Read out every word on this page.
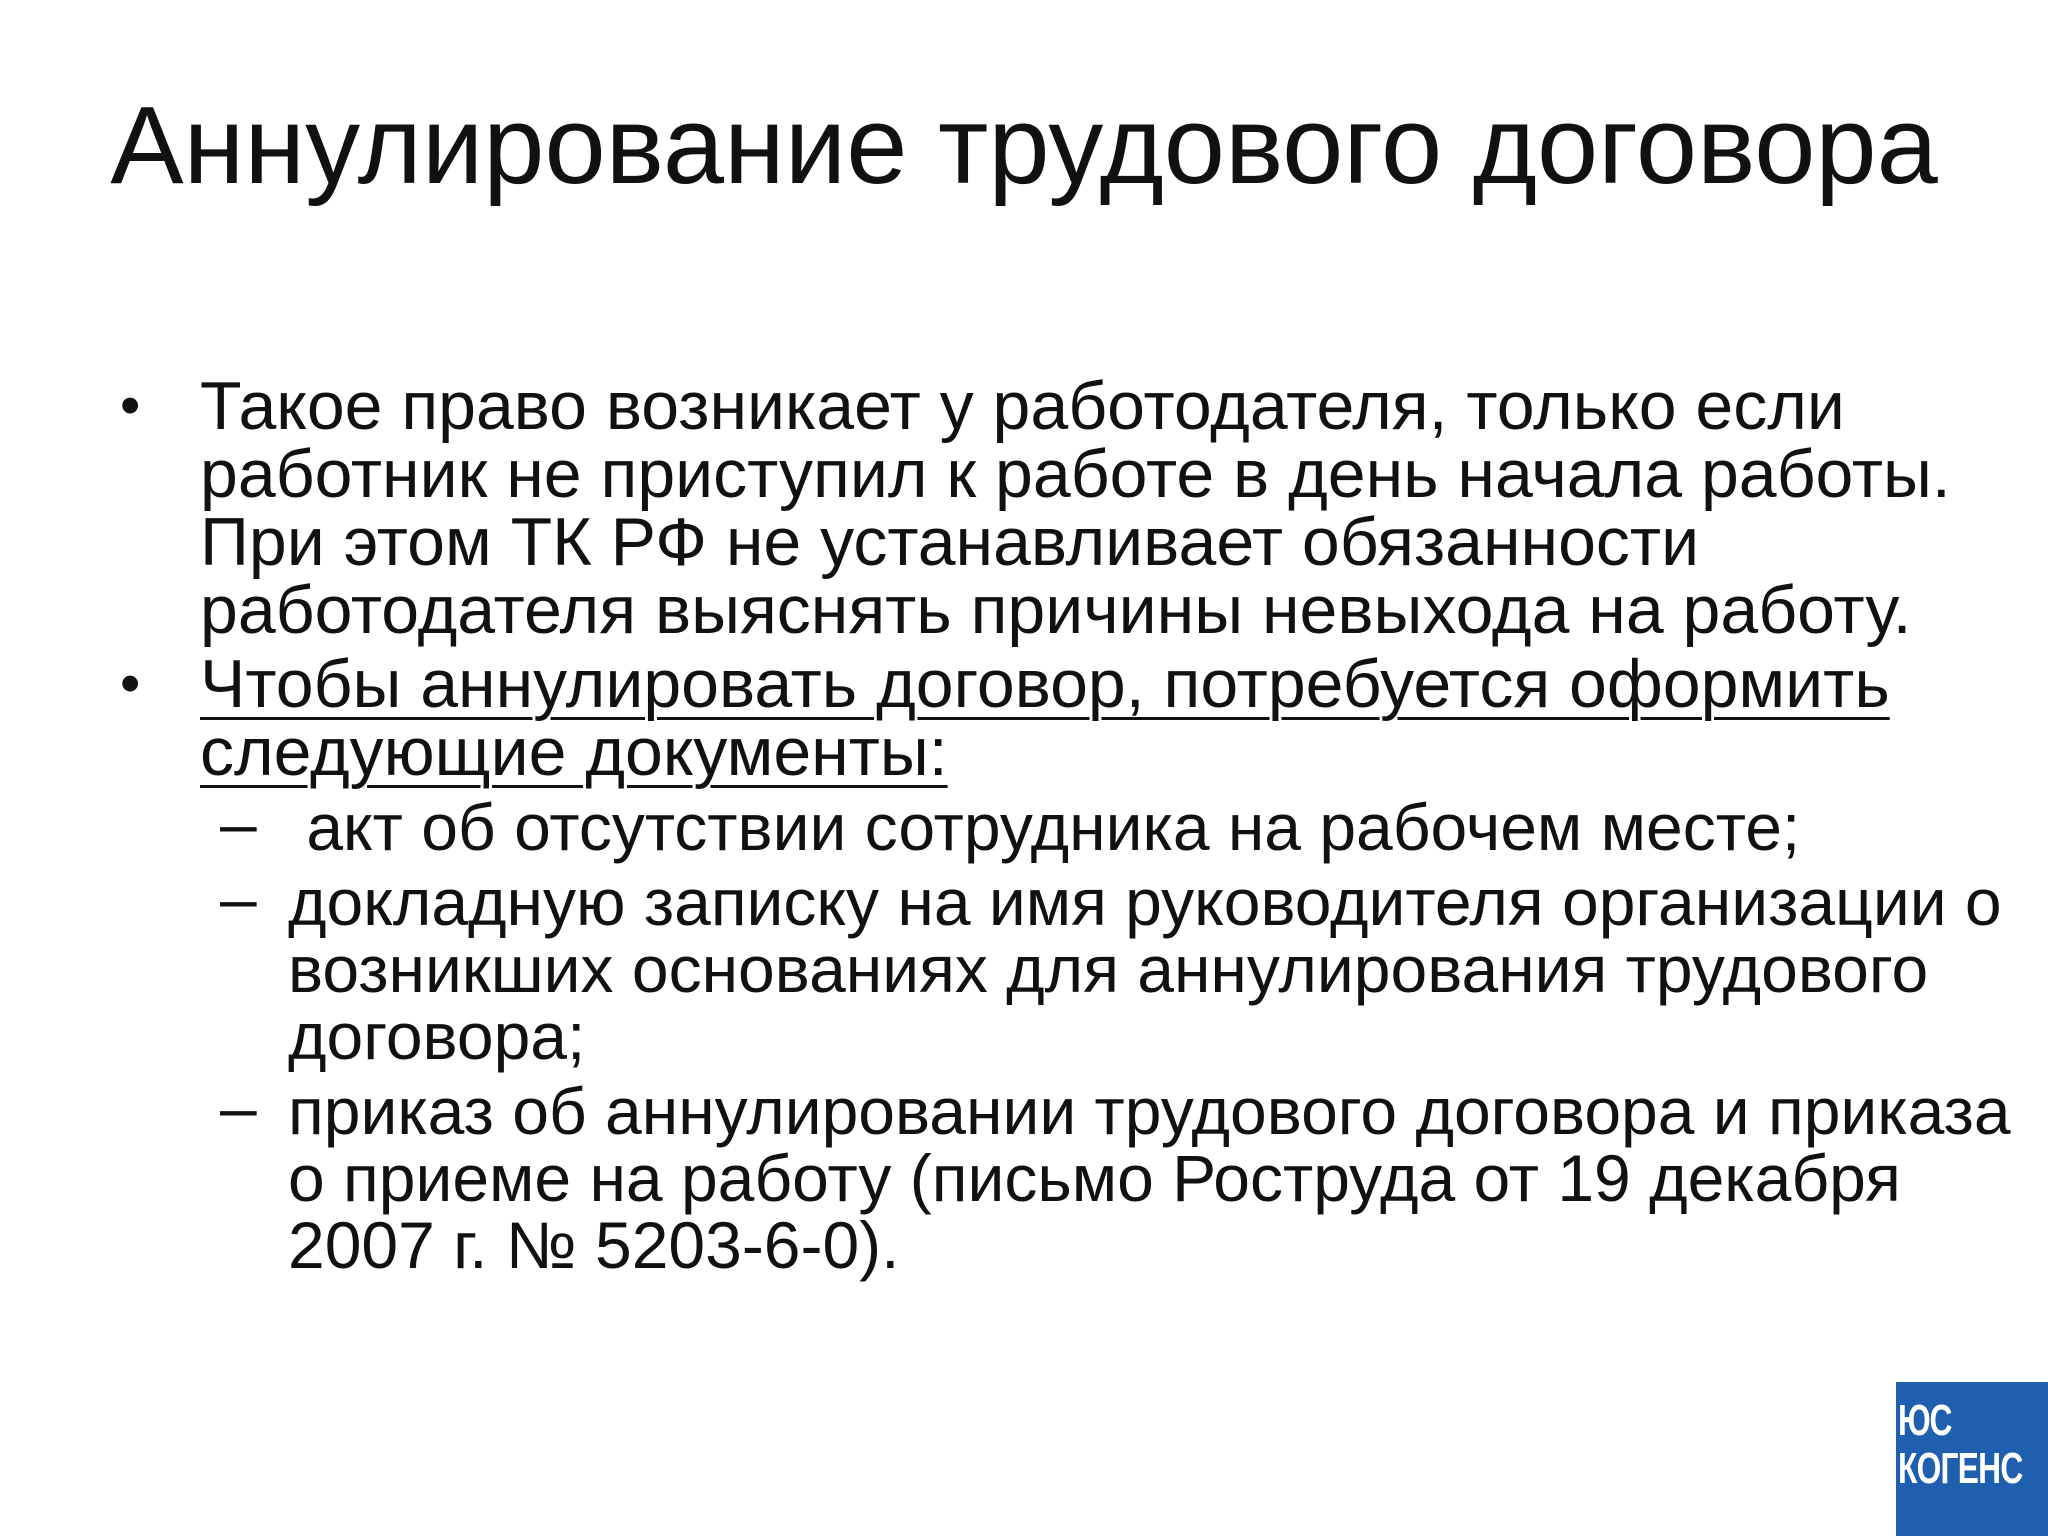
Аннулирование трудового договора
• Такое право возникает у работодателя, только если работник не приступил к работе в день начала работы. При этом ТК РФ не устанавливает обязанности работодателя выяснять причины невыхода на работу.
• Чтобы аннулировать договор, потребуется оформить следующие документы:
– акт об отсутствии сотрудника на рабочем месте;
– докладную записку на имя руководителя организации о возникших основаниях для аннулирования трудового договора;
– приказ об аннулировании трудового договора и приказа о приеме на работу (письмо Роструда от 19 декабря 2007 г. № 5203-6-0).
ЮС
КОГЕНС
